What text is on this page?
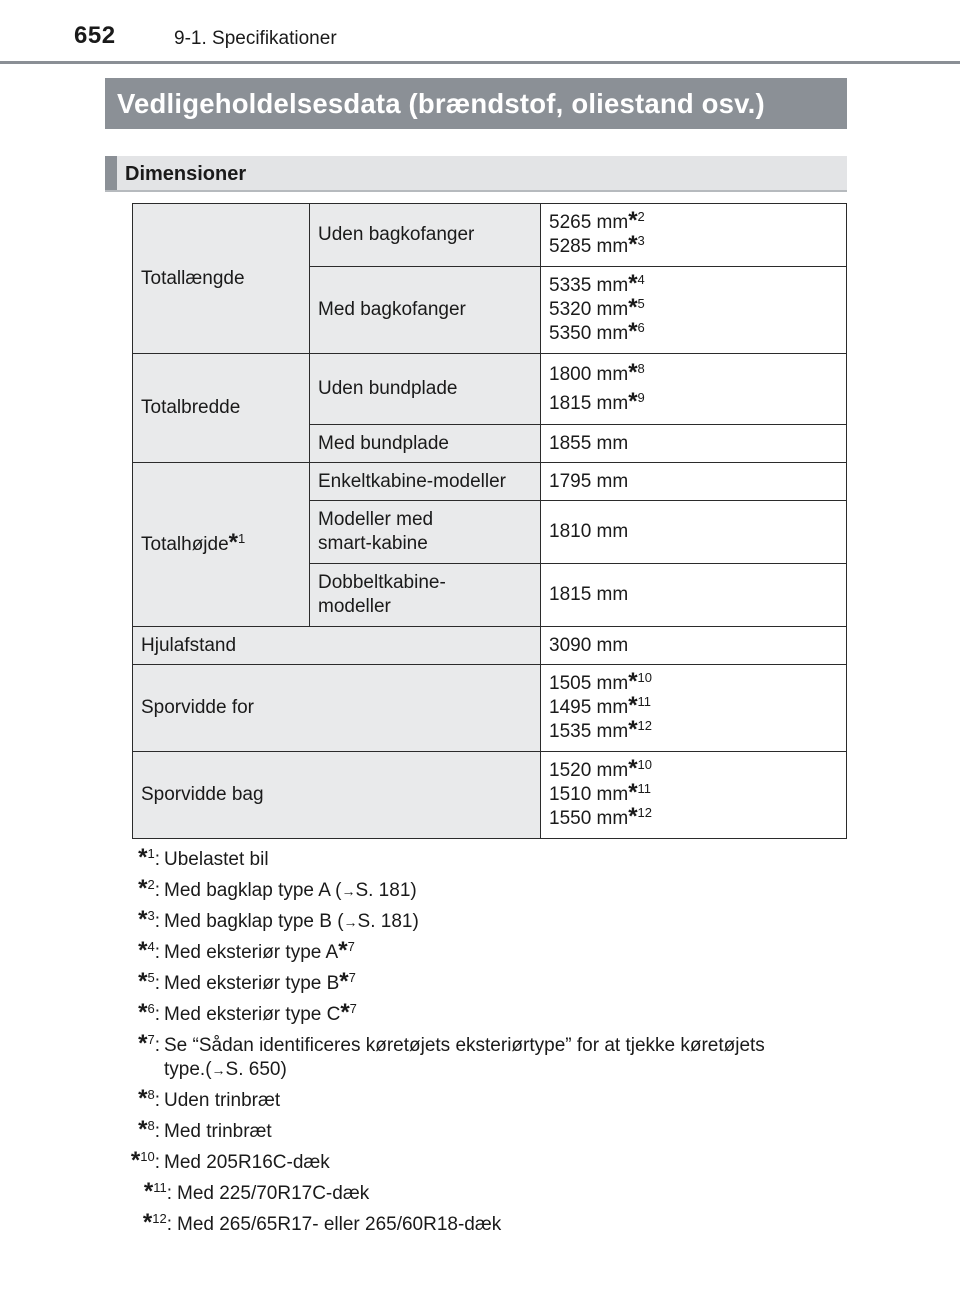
652	9-1. Specifikationer
Vedligeholdelsesdata (brændstof, oliestand osv.)
Dimensioner
Totallængde	Uden bagkofanger	5265 mm*$^2$
5285 mm*$^3$

	Med bagkofanger	5335 mm*$^4$
5320 mm*$^5$
5350 mm*$^6$

Totalbredde	Uden bundplade	1800 mm*$^8$
1815 mm*$^9$

	Med bundplade	1855 mm
Totalhøjde*$^1$	Enkeltkabine-modeller	1795 mm

	Modeller med
smart-kabine	1810 mm

	Dobbeltkabine-
modeller	1815 mm
Hjulafstand		3090 mm
Sporvidde for		1505 mm*$^{10}$
1495 mm*$^{11}$
1535 mm*$^{12}$

Sporvidde bag		1520 mm*$^{10}$
1510 mm*$^{11}$
1550 mm*$^{12}$
*$^1$: Ubelastet bil
*$^2$: Med bagklap type A (→S. 181)
*$^3$: Med bagklap type B (→S. 181)
*$^4$: Med eksteriør type A*$^7$
*$^5$: Med eksteriør type B*$^7$
*$^6$: Med eksteriør type C*$^7$
*$^7$: Se “Sådan identificeres køretøjets eksteriørtype” for at tjekke køretøjets
type.(→S. 650)
*$^8$: Uden trinbræt
*$^8$: Med trinbræt
*$^{10}$: Med 205R16C-dæk
*$^{11}$: Med 225/70R17C-dæk
*$^{12}$: Med 265/65R17- eller 265/60R18-dæk
